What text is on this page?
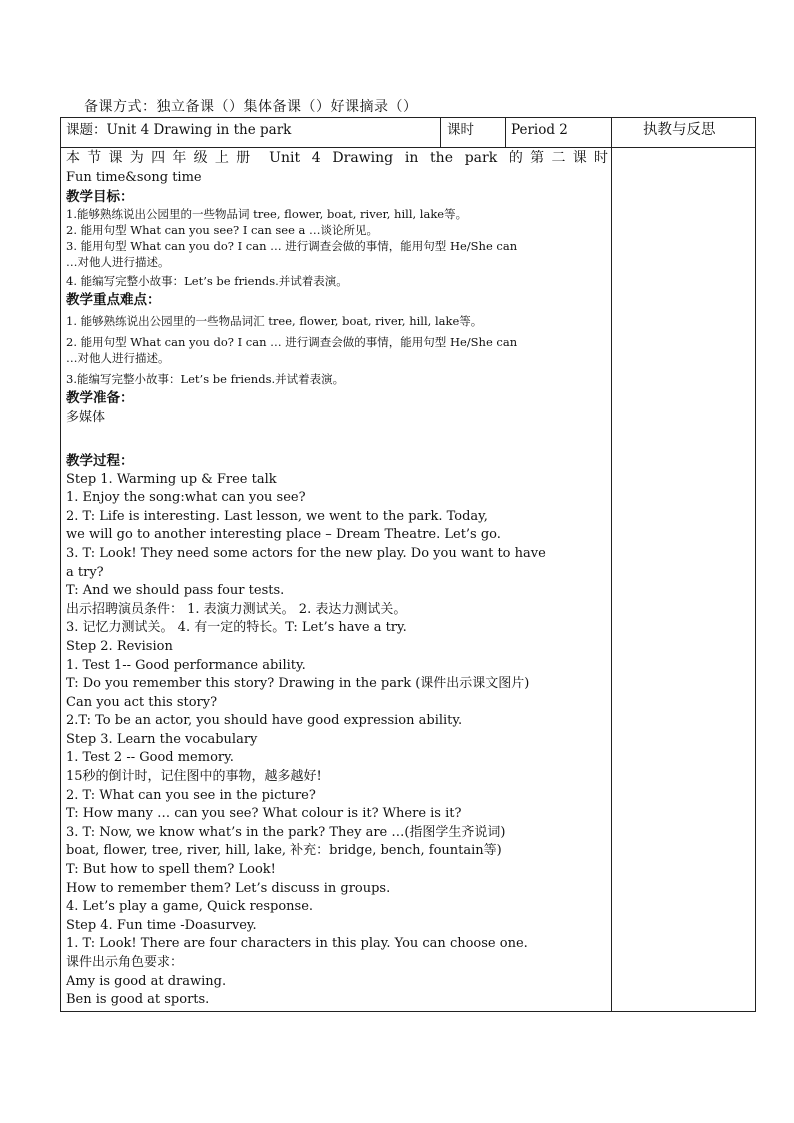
备课方式：独立备课（）集体备课（）好课摘录（）
课题：Unit 4 Drawing in the park	课时	Period 2	执教与反思
本节课为四年级上册 Unit 4 Drawing in the park 的第二课时
Fun time&song time
教学目标：
1.能够熟练说出公园里的一些物品词 tree, flower, boat, river, hill, lake等。
2. 能用句型 What can you see? I can see a …谈论所见。
3. 能用句型 What can you do? I can … 进行调查会做的事情，能用句型 He/She can
…对他人进行描述。
4. 能编写完整小故事：Let’s be friends.并试着表演。
教学重点难点：
1. 能够熟练说出公园里的一些物品词汇 tree, flower, boat, river, hill, lake等。
2. 能用句型 What can you do? I can … 进行调查会做的事情，能用句型 He/She can
…对他人进行描述。
3.能编写完整小故事：Let’s be friends.并试着表演。
教学准备：
多媒体
教学过程：
Step 1. Warming up & Free talk
1. Enjoy the song:what can you see?
2. T: Life is interesting. Last lesson, we went to the park. Today,
we will go to another interesting place – Dream Theatre. Let’s go.
3. T: Look! They need some actors for the new play. Do you want to have
a try?
T: And we should pass four tests.
出示招聘演员条件： 1. 表演力测试关。 2. 表达力测试关。
3. 记忆力测试关。 4. 有一定的特长。T: Let’s have a try.
Step 2. Revision
1. Test 1-- Good performance ability.
T: Do you remember this story? Drawing in the park (课件出示课文图片)
Can you act this story?
2.T: To be an actor, you should have good expression ability.
Step 3. Learn the vocabulary
1. Test 2 -- Good memory.
15秒的倒计时，记住图中的事物，越多越好!
2. T: What can you see in the picture?
T: How many … can you see? What colour is it? Where is it?
3. T: Now, we know what’s in the park? They are …(指图学生齐说词)
boat, flower, tree, river, hill, lake, 补充：bridge, bench, fountain等)
T: But how to spell them? Look!
How to remember them? Let’s discuss in groups.
4. Let’s play a game, Quick response.
Step 4. Fun time -Doasurvey.
1. T: Look! There are four characters in this play. You can choose one.
课件出示角色要求：
Amy is good at drawing.
Ben is good at sports.
